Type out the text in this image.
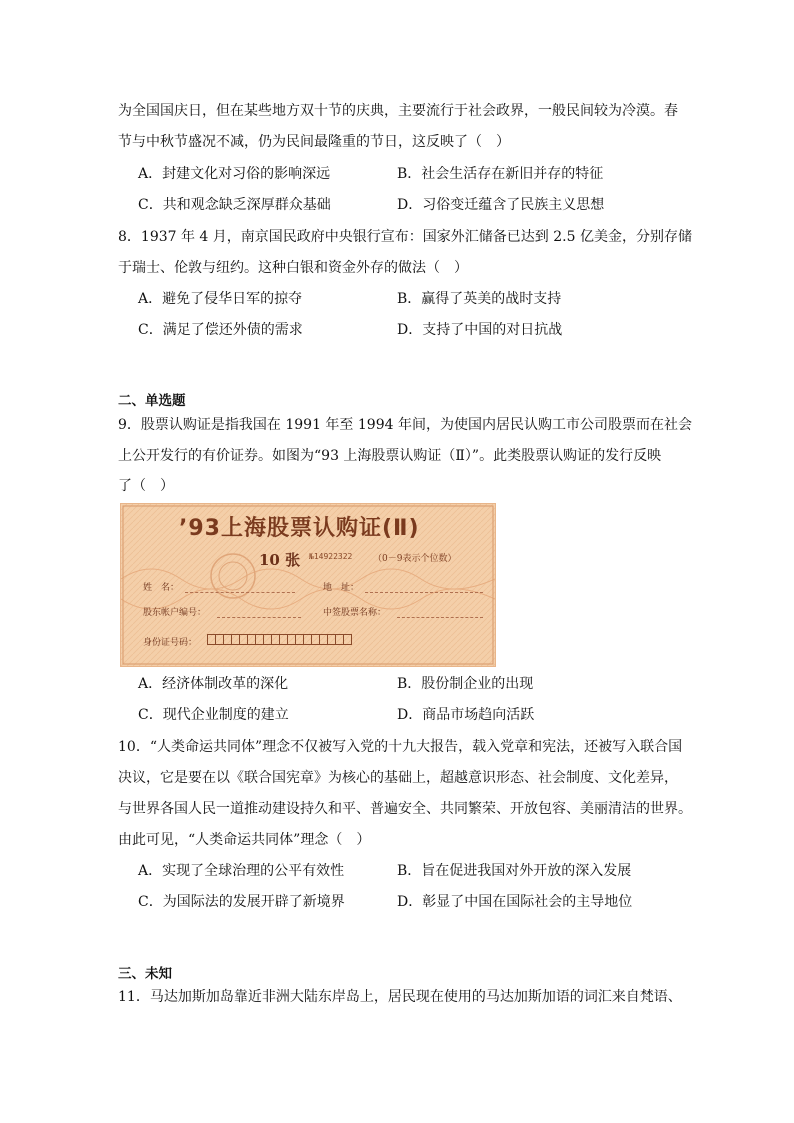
为全国国庆日，但在某些地方双十节的庆典，主要流行于社会政界，一般民间较为冷漠。春
节与中秋节盛况不减，仍为民间最隆重的节日，这反映了（　）
A．封建文化对习俗的影响深远	B．社会生活存在新旧并存的特征
C．共和观念缺乏深厚群众基础	D．习俗变迁蕴含了民族主义思想
8．1937 年 4 月，南京国民政府中央银行宣布：国家外汇储备已达到 2.5 亿美金，分别存储
于瑞士、伦敦与纽约。这种白银和资金外存的做法（　）
A．避免了侵华日军的掠夺	B．赢得了英美的战时支持
C．满足了偿还外债的需求	D．支持了中国的对日抗战
二、单选题
9．股票认购证是指我国在 1991 年至 1994 年间，为使国内居民认购工市公司股票而在社会
上公开发行的有价证券。如图为“93 上海股票认购证（Ⅱ）”。此类股票认购证的发行反映
了（　）
’93上海股票认购证(Ⅱ)
10 张 №14922322 （0－9表示个位数）
姓　名：	地　址：
股东帐户编号：	中签股票名称：
身份证号码：
A．经济体制改革的深化	B．股份制企业的出现
C．现代企业制度的建立	D．商品市场趋向活跃
10．“人类命运共同体”理念不仅被写入党的十九大报告，载入党章和宪法，还被写入联合国
决议，它是要在以《联合国宪章》为核心的基础上，超越意识形态、社会制度、文化差异，
与世界各国人民一道推动建设持久和平、普遍安全、共同繁荣、开放包容、美丽清洁的世界。
由此可见，“人类命运共同体”理念（　）
A．实现了全球治理的公平有效性	B．旨在促进我国对外开放的深入发展
C．为国际法的发展开辟了新境界	D．彰显了中国在国际社会的主导地位
三、未知
11．马达加斯加岛靠近非洲大陆东岸岛上，居民现在使用的马达加斯加语的词汇来自梵语、
